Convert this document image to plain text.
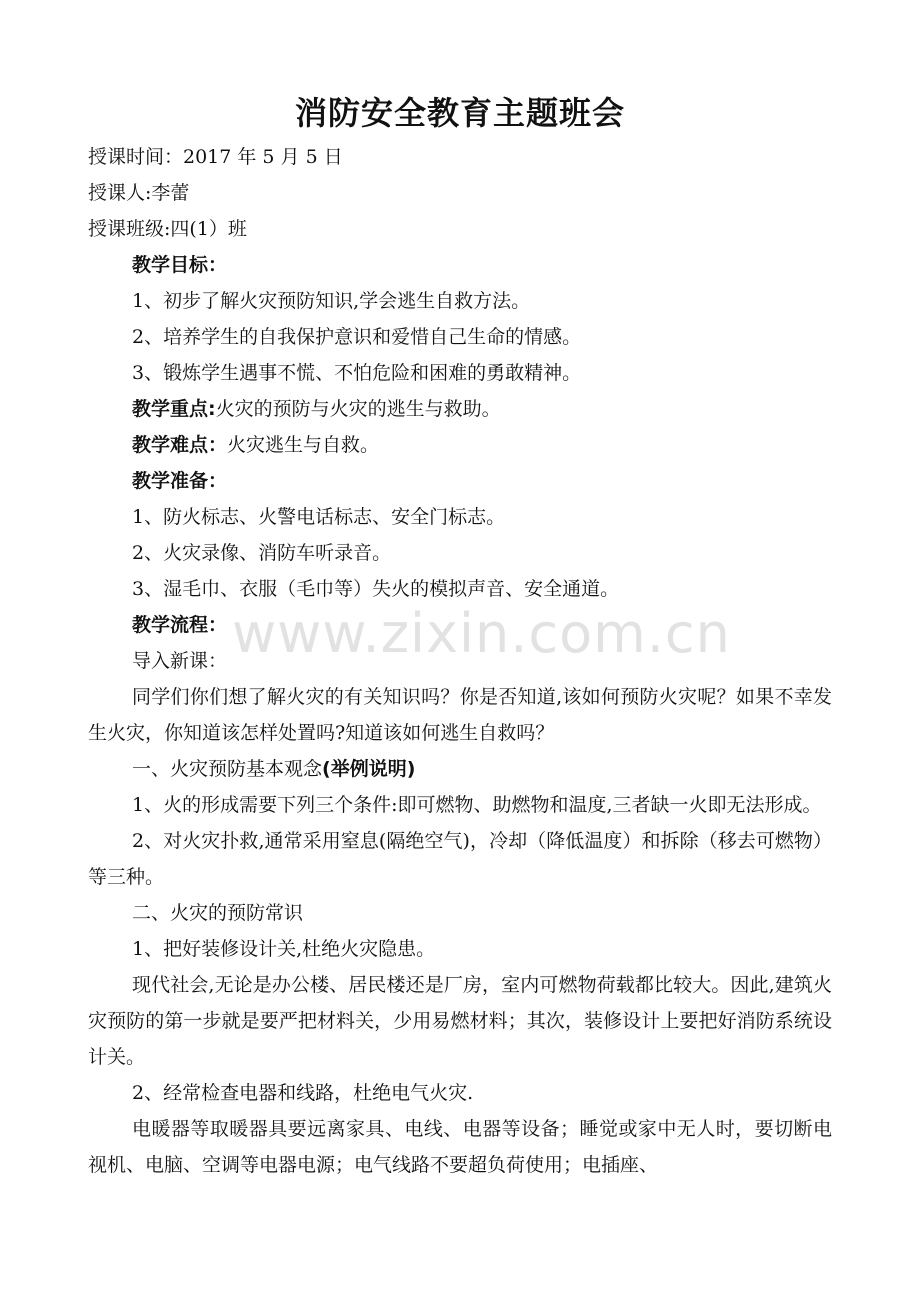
消防安全教育主题班会
授课时间：2017 年 5 月 5 日
授课人:李蕾
授课班级:四(1）班
教学目标：
1、初步了解火灾预防知识,学会逃生自救方法。
2、培养学生的自我保护意识和爱惜自己生命的情感。
3、锻炼学生遇事不慌、不怕危险和困难的勇敢精神。
教学重点:火灾的预防与火灾的逃生与救助。
教学难点：火灾逃生与自救。
教学准备：
1、防火标志、火警电话标志、安全门标志。
2、火灾录像、消防车听录音。
3、湿毛巾、衣服（毛巾等）失火的模拟声音、安全通道。
教学流程：
导入新课：

同学们你们想了解火灾的有关知识吗？你是否知道,该如何预防火灾呢？如果不幸发生火灾，你知道该怎样处置吗?知道该如何逃生自救吗？

一、火灾预防基本观念(举例说明)

1、火的形成需要下列三个条件:即可燃物、助燃物和温度,三者缺一火即无法形成。

2、对火灾扑救,通常采用窒息(隔绝空气)，冷却（降低温度）和拆除（移去可燃物）等三种。

二、火灾的预防常识
1、把好装修设计关,杜绝火灾隐患。

现代社会,无论是办公楼、居民楼还是厂房，室内可燃物荷载都比较大。因此,建筑火灾预防的第一步就是要严把材料关，少用易燃材料；其次，装修设计上要把好消防系统设计关。

2、经常检查电器和线路，杜绝电气火灾.

电暖器等取暖器具要远离家具、电线、电器等设备；睡觉或家中无人时，要切断电视机、电脑、空调等电器电源；电气线路不要超负荷使用；电插座、

www.zixin.com.cn
